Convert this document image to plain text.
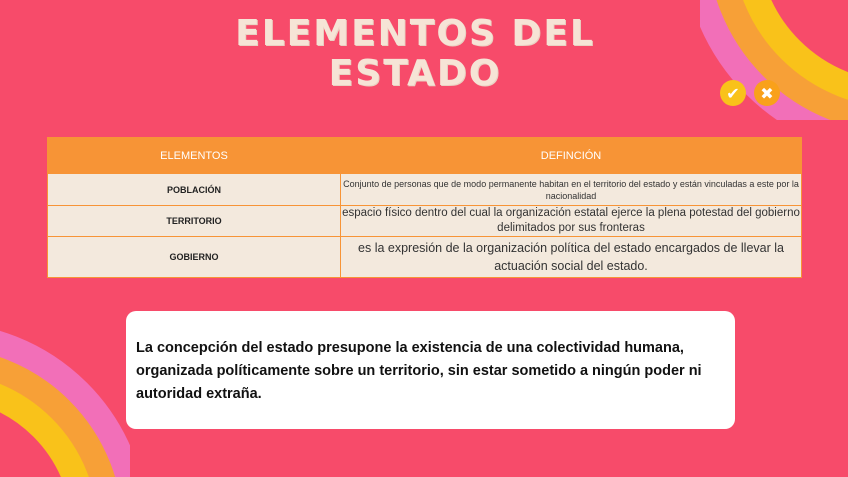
ELEMENTOS DEL
ESTADO	✔	✖
ELEMENTOS	DEFINCIÓN
POBLACIÓN	Conjunto de personas que de modo permanente habitan en el territorio del estado y están vinculadas a este por la nacionalidad
TERRITORIO	espacio físico dentro del cual la organización estatal ejerce la plena potestad del gobierno delimitados por sus fronteras
GOBIERNO	es la expresión de la organización política del estado encargados de llevar la actuación social del estado.

La concepción del estado presupone la existencia de una colectividad humana, organizada políticamente sobre un territorio, sin estar sometido a ningún poder ni autoridad extraña.
